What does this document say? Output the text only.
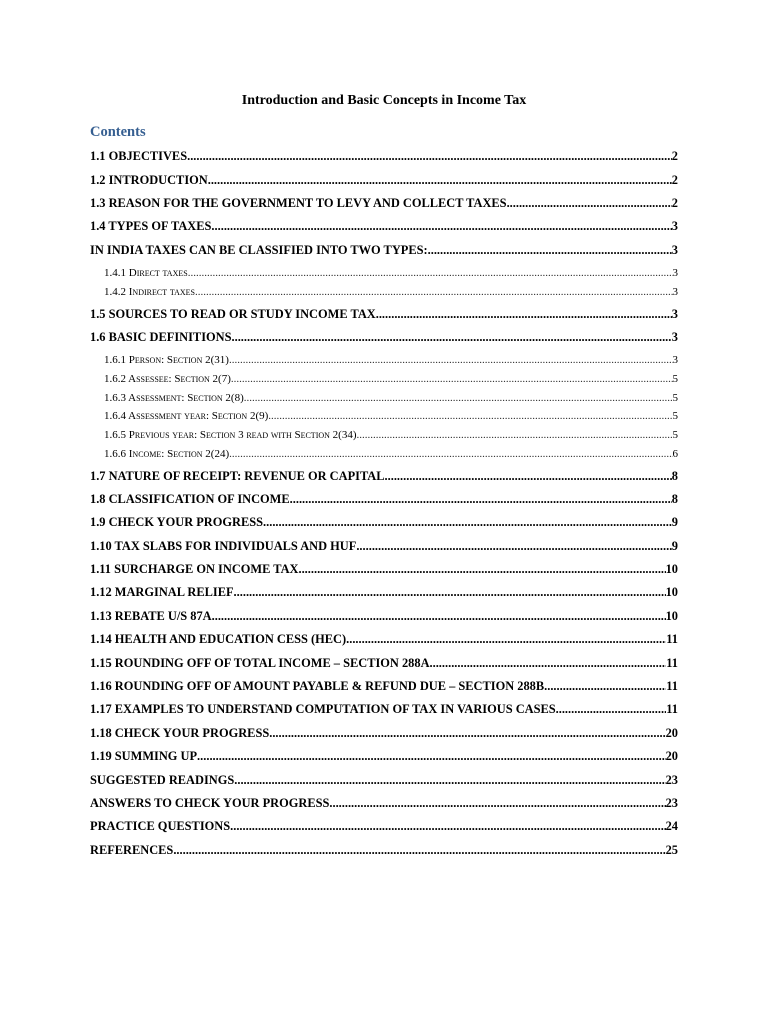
Introduction and Basic Concepts in Income Tax
Contents
1.1 OBJECTIVES .....	2
1.2 INTRODUCTION .....	2
1.3 REASON FOR THE GOVERNMENT TO LEVY AND COLLECT TAXES .....	2
1.4 TYPES OF TAXES .....	3
IN INDIA TAXES CAN BE CLASSIFIED INTO TWO TYPES: .....	3
1.4.1 Direct taxes .....	3
1.4.2 Indirect taxes .....	3
1.5 SOURCES TO READ OR STUDY INCOME TAX .....	3
1.6 BASIC DEFINITIONS .....	3
1.6.1 Person: Section 2(31) .....	3
1.6.2 Assessee: Section 2(7) .....	5
1.6.3 Assessment: Section 2(8) .....	5
1.6.4 Assessment year: Section 2(9) .....	5
1.6.5 Previous year: Section 3 read with Section 2(34) .....	5
1.6.6 Income: Section 2(24) .....	6
1.7 NATURE OF RECEIPT: REVENUE OR CAPITAL .....	8
1.8 CLASSIFICATION OF INCOME .....	8
1.9 CHECK YOUR PROGRESS .....	9
1.10 TAX SLABS FOR INDIVIDUALS AND HUF .....	9
1.11 SURCHARGE ON INCOME TAX .....	10
1.12 MARGINAL RELIEF .....	10
1.13 REBATE U/S 87A .....	10
1.14 HEALTH AND EDUCATION CESS (HEC) .....	11
1.15 ROUNDING OFF OF TOTAL INCOME – SECTION 288A .....	11
1.16 ROUNDING OFF OF AMOUNT PAYABLE & REFUND DUE – SECTION 288B .....	11
1.17 EXAMPLES TO UNDERSTAND COMPUTATION OF TAX IN VARIOUS CASES .....	11
1.18 CHECK YOUR PROGRESS .....	20
1.19 SUMMING UP .....	20
SUGGESTED READINGS .....	23
ANSWERS TO CHECK YOUR PROGRESS .....	23
PRACTICE QUESTIONS .....	24
REFERENCES .....	25
